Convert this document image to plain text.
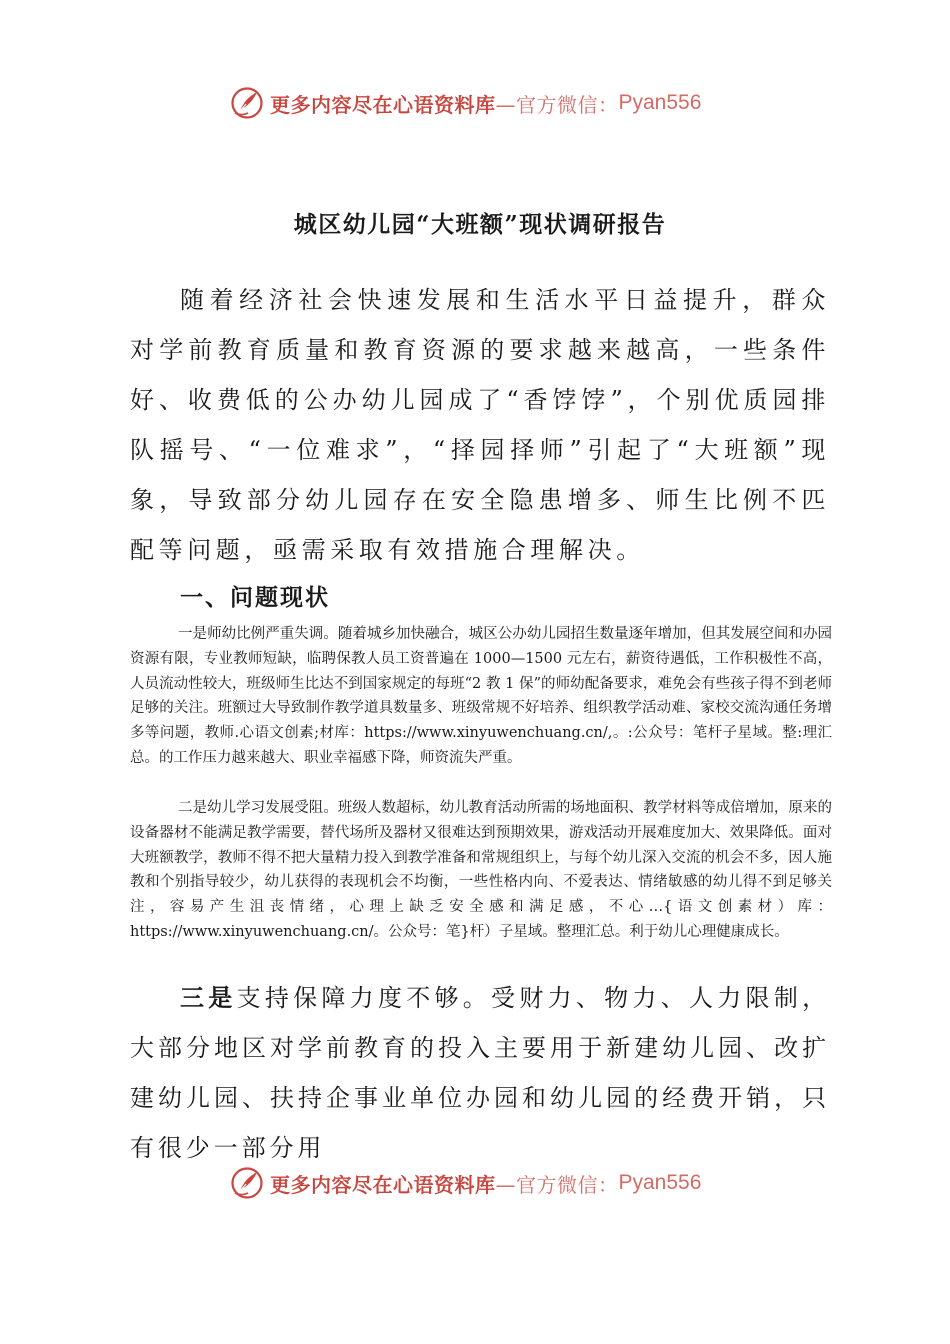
更多内容尽在心语资料库 —官方微信： Pyan556
城区幼儿园“大班额”现状调研报告

随着经济社会快速发展和生活水平日益提升，群众对学前教育质量和教育资源的要求越来越高，一些条件好、收费低的公办幼儿园成了“香饽饽”，个别优质园排队摇号、“一位难求”，“择园择师”引起了“大班额”现象，导致部分幼儿园存在安全隐患增多、师生比例不匹配等问题，亟需采取有效措施合理解决。

一、问题现状

一是师幼比例严重失调。随着城乡加快融合，城区公办幼儿园招生数量逐年增加，但其发展空间和办园资源有限，专业教师短缺，临聘保教人员工资普遍在 1000—1500 元左右，薪资待遇低，工作积极性不高，人员流动性较大，班级师生比达不到国家规定的每班“2 教 1 保”的师幼配备要求，难免会有些孩子得不到老师足够的关注。班额过大导致制作教学道具数量多、班级常规不好培养、组织教学活动难、家校交流沟通任务增多等问题，教师.心语文创素;材库：https://www.xinyuwenchuang.cn/,。:公众号：笔杆子星域。整:理汇总。的工作压力越来越大、职业幸福感下降，师资流失严重。

二是幼儿学习发展受阻。班级人数超标，幼儿教育活动所需的场地面积、教学材料等成倍增加，原来的设备器材不能满足教学需要，替代场所及器材又很难达到预期效果，游戏活动开展难度加大、效果降低。面对大班额教学，教师不得不把大量精力投入到教学准备和常规组织上，与每个幼儿深入交流的机会不多，因人施教和个别指导较少，幼儿获得的表现机会不均衡，一些性格内向、不爱表达、情绪敏感的幼儿得不到足够关注，容易产生沮丧情绪，心理上缺乏安全感和满足感，不心…{语文创素材）库：https://www.xinyuwenchuang.cn/。公众号：笔}杆）子星域。整理汇总。利于幼儿心理健康成长。

三是支持保障力度不够。受财力、物力、人力限制，大部分地区对学前教育的投入主要用于新建幼儿园、改扩建幼儿园、扶持企事业单位办园和幼儿园的经费开销，只有很少一部分用

更多内容尽在心语资料库 —官方微信： Pyan556
